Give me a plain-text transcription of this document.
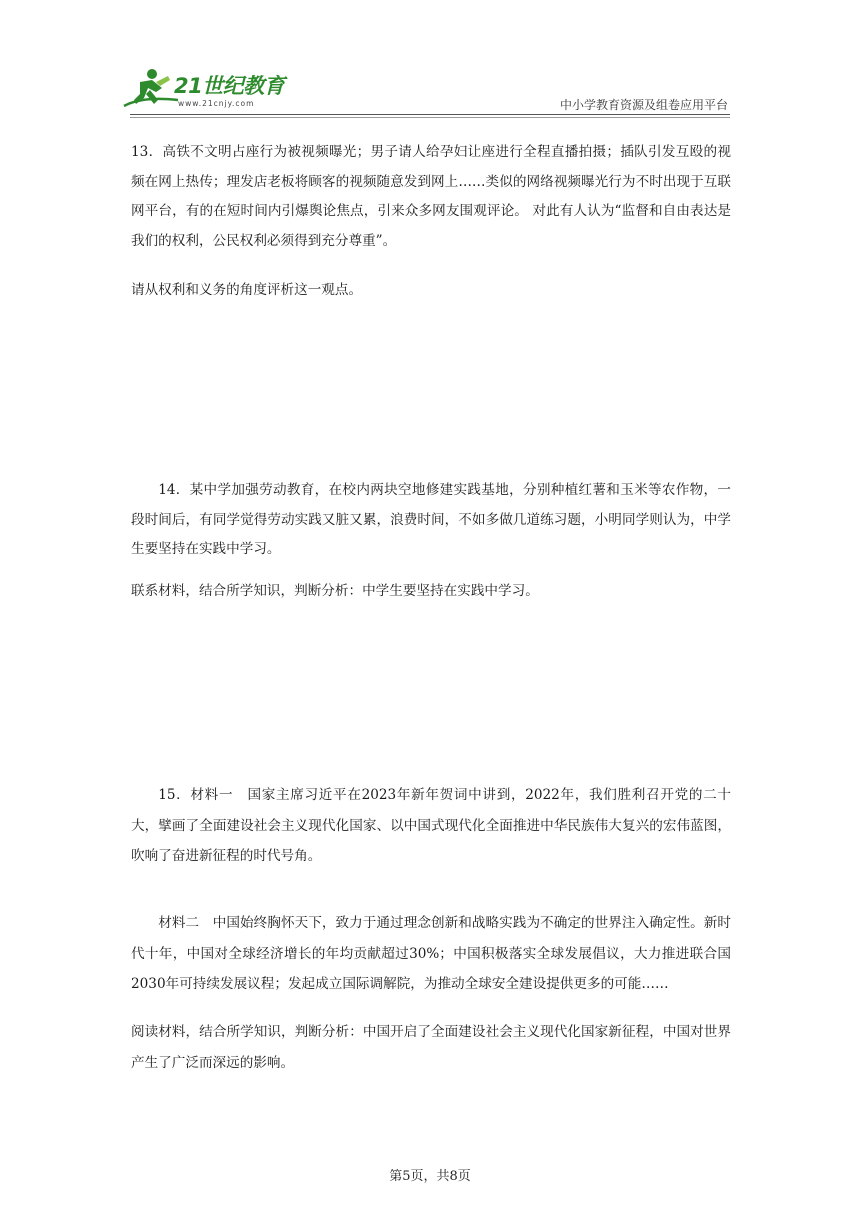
21世纪教育
www.21cnjy.com	中小学教育资源及组卷应用平台

13．高铁不文明占座行为被视频曝光；男子请人给孕妇让座进行全程直播拍摄；插队引发互殴的视频在网上热传；理发店老板将顾客的视频随意发到网上……类似的网络视频曝光行为不时出现于互联网平台，有的在短时间内引爆舆论焦点，引来众多网友围观评论。 对此有人认为“监督和自由表达是我们的权利，公民权利必须得到充分尊重”。

请从权利和义务的角度评析这一观点。

14．某中学加强劳动教育，在校内两块空地修建实践基地，分别种植红薯和玉米等农作物，一段时间后，有同学觉得劳动实践又脏又累，浪费时间，不如多做几道练习题，小明同学则认为，中学生要坚持在实践中学习。

联系材料，结合所学知识，判断分析：中学生要坚持在实践中学习。

15．材料一　国家主席习近平在2023年新年贺词中讲到，2022年，我们胜利召开党的二十大，擘画了全面建设社会主义现代化国家、以中国式现代化全面推进中华民族伟大复兴的宏伟蓝图，吹响了奋进新征程的时代号角。

材料二　中国始终胸怀天下，致力于通过理念创新和战略实践为不确定的世界注入确定性。新时代十年，中国对全球经济增长的年均贡献超过30%；中国积极落实全球发展倡议，大力推进联合国2030年可持续发展议程；发起成立国际调解院，为推动全球安全建设提供更多的可能……

阅读材料，结合所学知识，判断分析：中国开启了全面建设社会主义现代化国家新征程，中国对世界产生了广泛而深远的影响。

第5页，共8页
